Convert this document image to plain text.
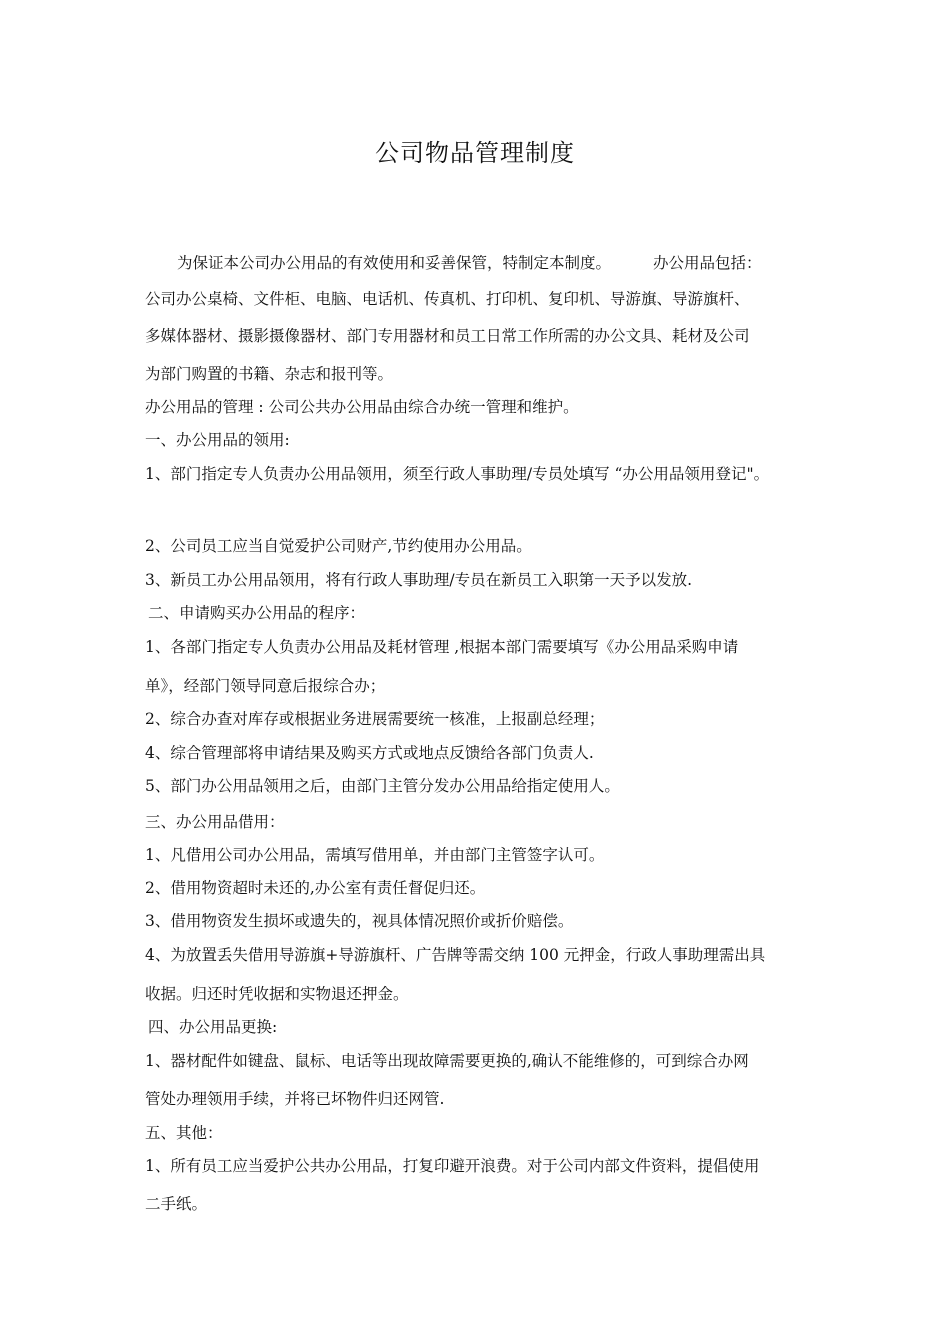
公司物品管理制度

为保证本公司办公用品的有效使用和妥善保管，特制定本制度。	办公用品包括：

公司办公桌椅、文件柜、电脑、电话机、传真机、打印机、复印机、导游旗、导游旗杆、

多媒体器材、摄影摄像器材、部门专用器材和员工日常工作所需的办公文具、耗材及公司

为部门购置的书籍、杂志和报刊等。

办公用品的管理 : 公司公共办公用品由综合办统一管理和维护。

一、办公用品的领用:

1、部门指定专人负责办公用品领用，须至行政人事助理/专员处填写 “办公用品领用登记"。

2、公司员工应当自觉爱护公司财产,节约使用办公用品。

3、新员工办公用品领用，将有行政人事助理/专员在新员工入职第一天予以发放.

二、申请购买办公用品的程序：

1、各部门指定专人负责办公用品及耗材管理 ,根据本部门需要填写《办公用品采购申请

单》，经部门领导同意后报综合办；

2、综合办查对库存或根据业务进展需要统一核准，上报副总经理；

4、综合管理部将申请结果及购买方式或地点反馈给各部门负责人.

5、部门办公用品领用之后，由部门主管分发办公用品给指定使用人。

三、办公用品借用：

1、凡借用公司办公用品，需填写借用单，并由部门主管签字认可。

2、借用物资超时未还的,办公室有责任督促归还。

3、借用物资发生损坏或遗失的，视具体情况照价或折价赔偿。

4、为放置丢失借用导游旗+导游旗杆、广告牌等需交纳 100 元押金，行政人事助理需出具

收据。归还时凭收据和实物退还押金。

四、办公用品更换:

1、器材配件如键盘、鼠标、电话等出现故障需要更换的,确认不能维修的，可到综合办网

管处办理领用手续，并将已坏物件归还网管.

五、其他：

1、所有员工应当爱护公共办公用品，打复印避开浪费。对于公司内部文件资料，提倡使用

二手纸。
